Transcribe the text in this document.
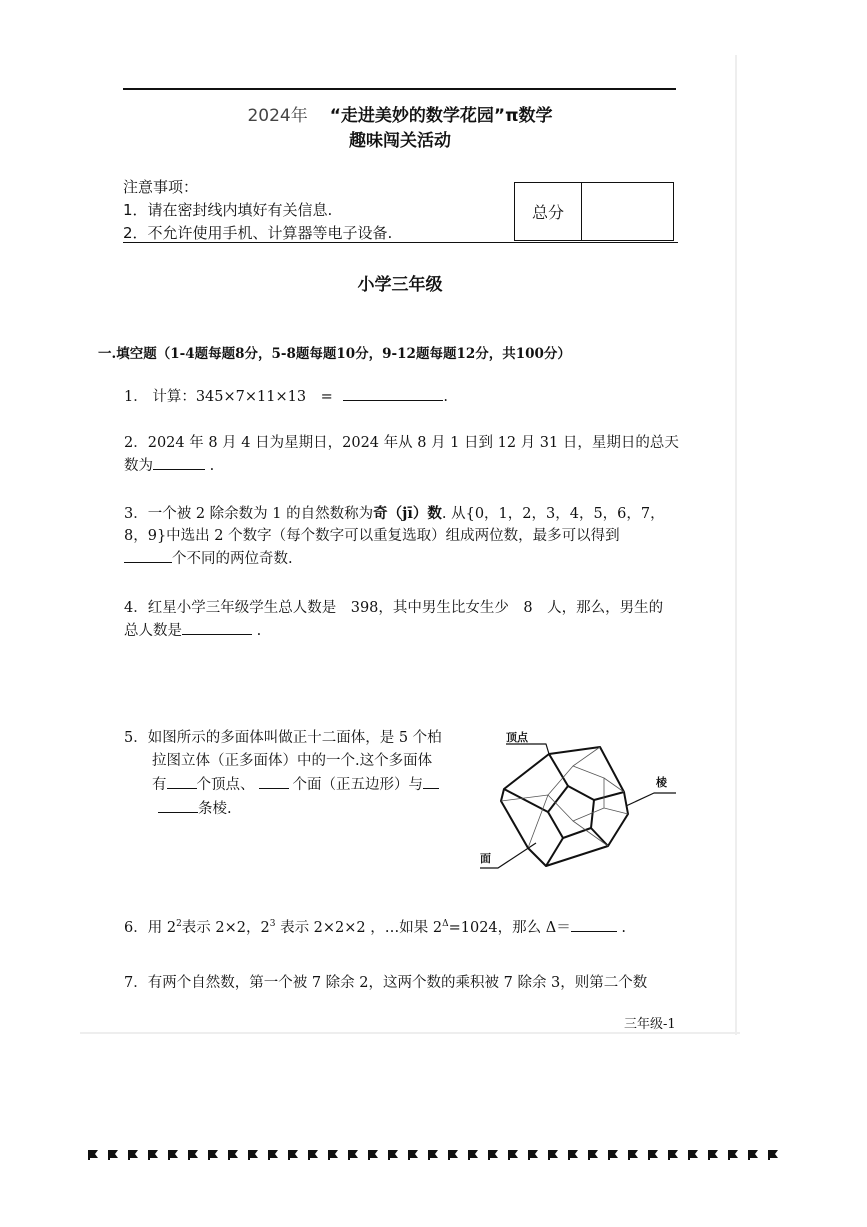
2024年 “走进美妙的数学花园”π数学
趣味闯关活动
注意事项：
1．请在密封线内填好有关信息.
2．不允许使用手机、计算器等电子设备.
总分
小学三年级
一.填空题（1-4题每题8分，5-8题每题10分，9-12题每题12分，共100分）
1． 计算：345×7×11×13　=	.
2．2024 年 8 月 4 日为星期日，2024 年从 8 月 1 日到 12 月 31 日，星期日的总天
数为	.
3．一个被 2 除余数为 1 的自然数称为奇（jī）数. 从{0，1，2，3，4，5，6，7，
8，9}中选出 2 个数字（每个数字可以重复选取）组成两位数，最多可以得到
个不同的两位奇数.
4．红星小学三年级学生总人数是　398，其中男生比女生少　8　人，那么，男生的
总人数是	.
5．如图所示的多面体叫做正十二面体，是 5 个柏
拉图立体（正多面体）中的一个.这个多面体
有 个顶点、	个面（正五边形）与
条棱.
顶点
棱
面
6．用 $2^2$表示 2×2，$2^3$ 表示 2×2×2 ，…如果 $2^\Delta=1024$，那么 Δ＝	.
7．有两个自然数，第一个被 7 除余 2，这两个数的乘积被 7 除余 3，则第二个数
三年级-1
